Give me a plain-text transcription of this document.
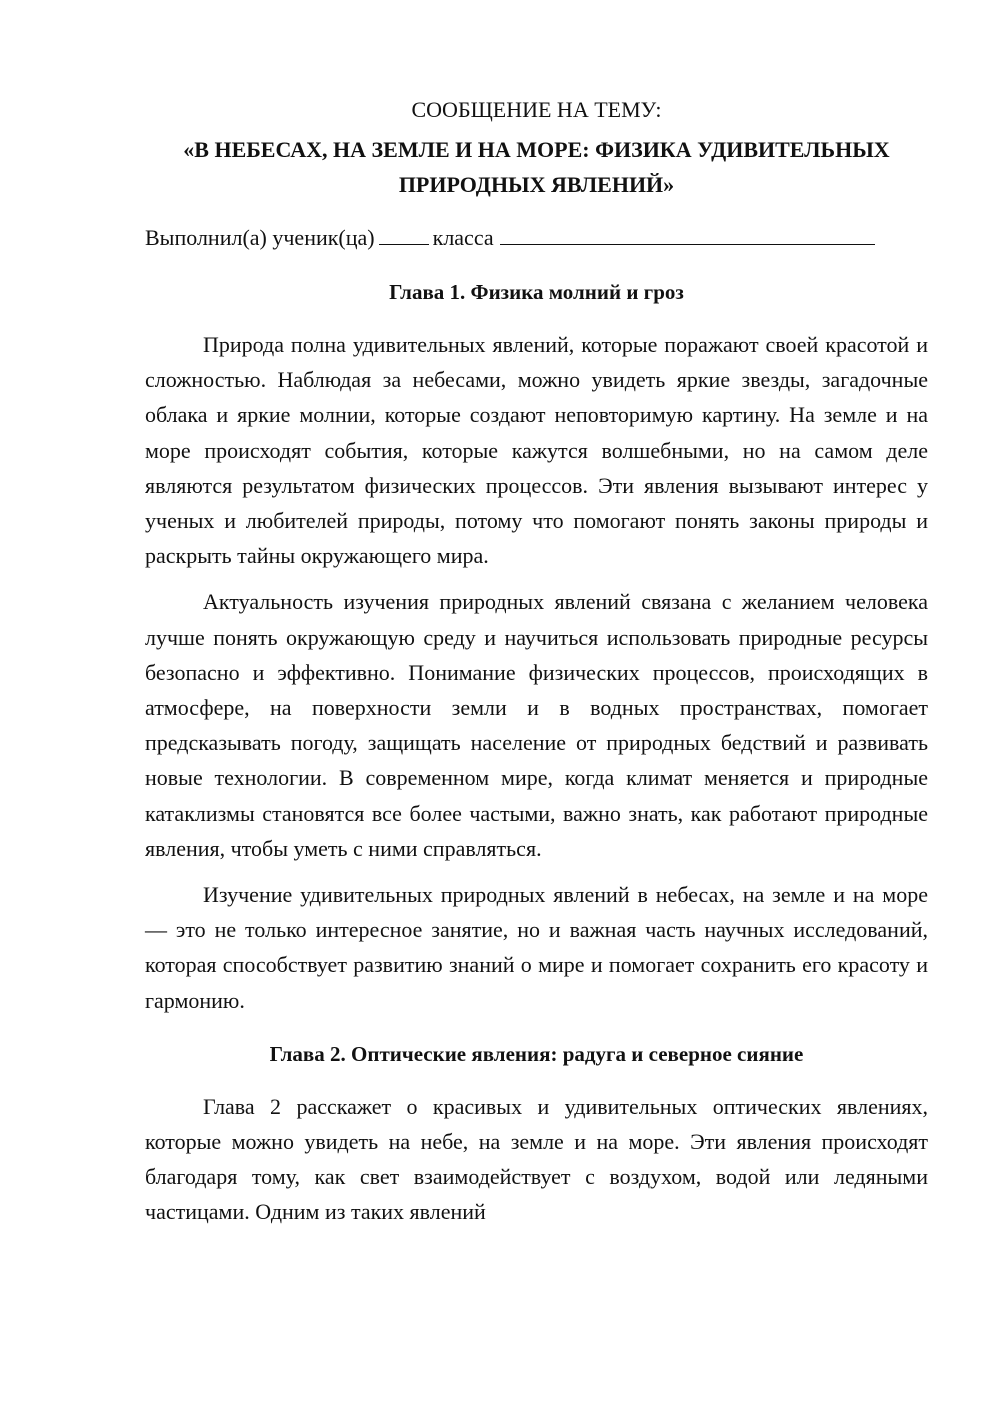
СООБЩЕНИЕ НА ТЕМУ:

«В НЕБЕСАХ, НА ЗЕМЛЕ И НА МОРЕ: ФИЗИКА УДИВИТЕЛЬНЫХ ПРИРОДНЫХ ЯВЛЕНИЙ»

Выполнил(а) ученик(ца)	класса

Глава 1. Физика молний и гроз

Природа полна удивительных явлений, которые поражают своей красотой и сложностью. Наблюдая за небесами, можно увидеть яркие звезды, загадочные облака и яркие молнии, которые создают неповторимую картину. На земле и на море происходят события, которые кажутся волшебными, но на самом деле являются результатом физических процессов. Эти явления вызывают интерес у ученых и любителей природы, потому что помогают понять законы природы и раскрыть тайны окружающего мира.

Актуальность изучения природных явлений связана с желанием человека лучше понять окружающую среду и научиться использовать природные ресурсы безопасно и эффективно. Понимание физических процессов, происходящих в атмосфере, на поверхности земли и в водных пространствах, помогает предсказывать погоду, защищать население от природных бедствий и развивать новые технологии. В современном мире, когда климат меняется и природные катаклизмы становятся все более частыми, важно знать, как работают природные явления, чтобы уметь с ними справляться.

Изучение удивительных природных явлений в небесах, на земле и на море — это не только интересное занятие, но и важная часть научных исследований, которая способствует развитию знаний о мире и помогает сохранить его красоту и гармонию.

Глава 2. Оптические явления: радуга и северное сияние

Глава 2 расскажет о красивых и удивительных оптических явлениях, которые можно увидеть на небе, на земле и на море. Эти явления происходят благодаря тому, как свет взаимодействует с воздухом, водой или ледяными частицами. Одним из таких явлений
